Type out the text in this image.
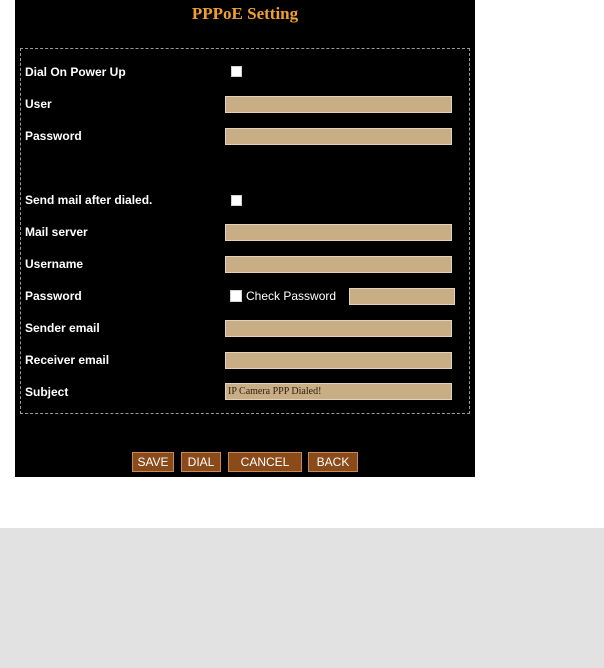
PPPoE Setting
Dial On Power Up
User
Password
Send mail after dialed.
Mail server
Username
Password	Check Password
Sender email
Receiver email
Subject	IP Camera PPP Dialed!
SAVE	DIAL	CANCEL	BACK
